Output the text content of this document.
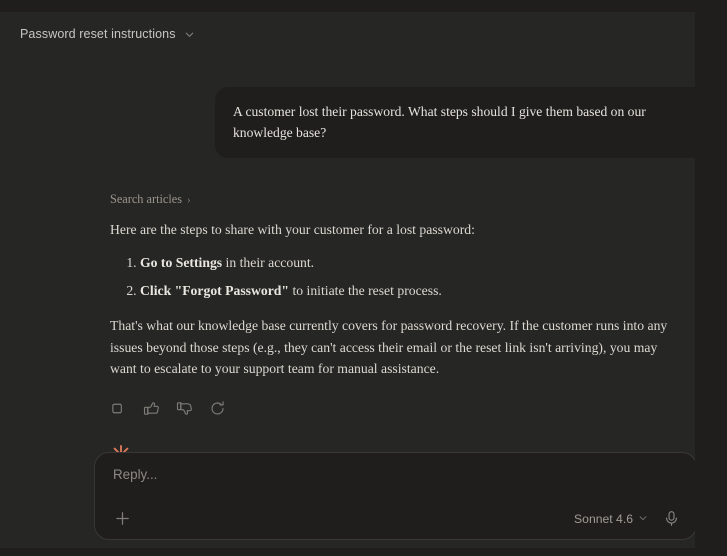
Password reset instructions
A customer lost their password. What steps should I give them based on our knowledge base?
Search articles ›

Here are the steps to share with your customer for a lost password:

1. Go to Settings in their account.
2. Click "Forgot Password" to initiate the reset process.

That's what our knowledge base currently covers for password recovery. If the customer runs into any issues beyond those steps (e.g., they can't access their email or the reset link isn't arriving), you may want to escalate to your support team for manual assistance.

Reply...
Sonnet 4.6
